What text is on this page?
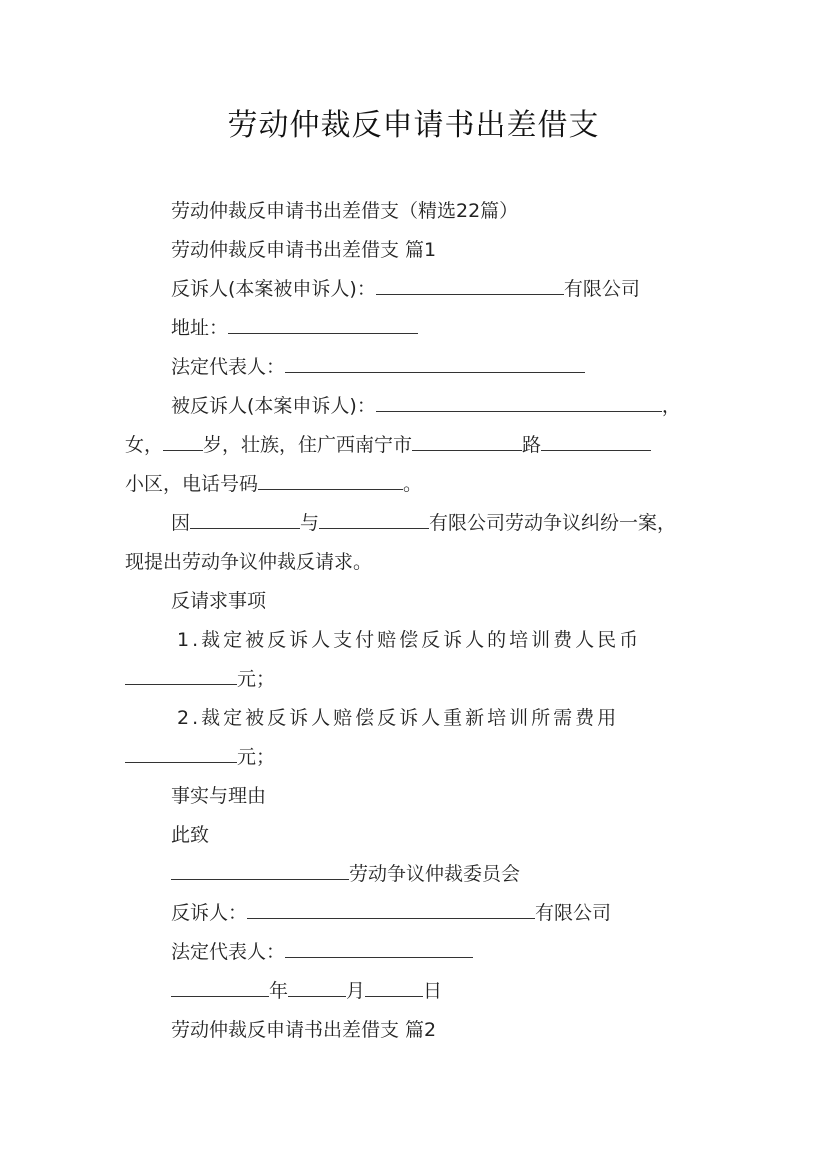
劳动仲裁反申请书出差借支
劳动仲裁反申请书出差借支（精选22篇）
劳动仲裁反申请书出差借支 篇1
反诉人(本案被申诉人)：	有限公司
地址：
法定代表人：
被反诉人(本案申诉人)：	，
女， 岁，壮族，住广西南宁市	路
小区，电话号码	。
因	与	有限公司劳动争议纠纷一案，
现提出劳动争议仲裁反请求。
反请求事项
1.裁定被反诉人支付赔偿反诉人的培训费人民币
元；
2.裁定被反诉人赔偿反诉人重新培训所需费用
元；
事实与理由
此致
劳动争议仲裁委员会
反诉人：	有限公司
法定代表人：
年	月	日
劳动仲裁反申请书出差借支 篇2
